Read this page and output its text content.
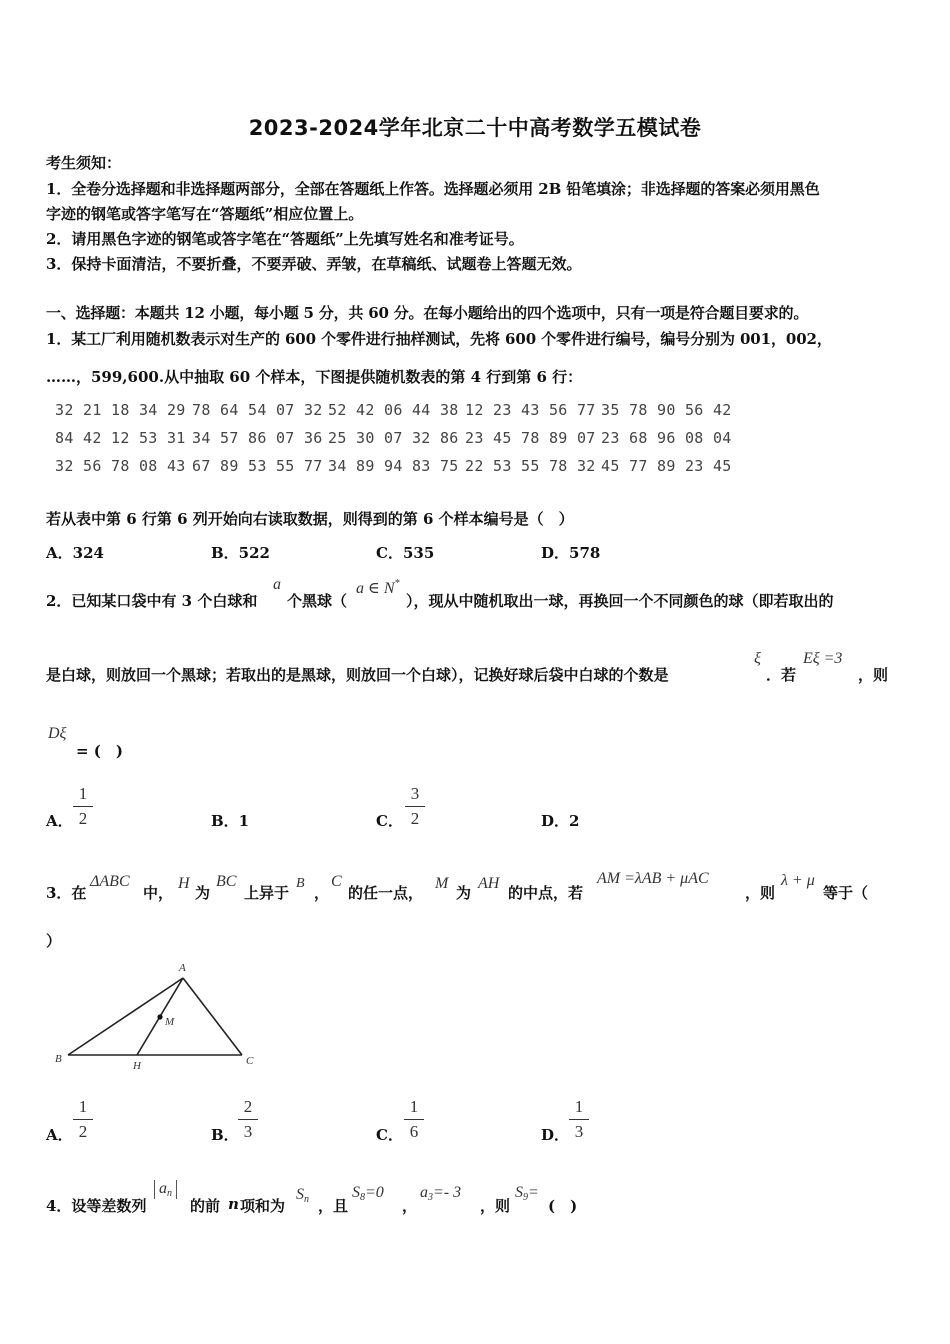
2023-2024学年北京二十中高考数学五模试卷
考生须知：
1．全卷分选择题和非选择题两部分，全部在答题纸上作答。选择题必须用 2B 铅笔填涂；非选择题的答案必须用黑色
字迹的钢笔或答字笔写在“答题纸”相应位置上。
2．请用黑色字迹的钢笔或答字笔在“答题纸”上先填写姓名和准考证号。
3．保持卡面清洁，不要折叠，不要弄破、弄皱，在草稿纸、试题卷上答题无效。
一、选择题：本题共 12 小题，每小题 5 分，共 60 分。在每小题给出的四个选项中，只有一项是符合题目要求的。
1．某工厂利用随机数表示对生产的 600 个零件进行抽样测试，先将 600 个零件进行编号，编号分别为 001，002，
……，599,600.从中抽取 60 个样本，下图提供随机数表的第 4 行到第 6 行：
32 21 18 34 29 78 64 54 07 32 52 42 06 44 38 12 23 43 56 77 35 78 90 56 42
84 42 12 53 31 34 57 86 07 36 25 30 07 32 86 23 45 78 89 07 23 68 96 08 04
32 56 78 08 43 67 89 53 55 77 34 89 94 83 75 22 53 55 78 32 45 77 89 23 45
若从表中第 6 行第 6 列开始向右读取数据，则得到的第 6 个样本编号是（　）
A．324	B．522	C．535	D．578
2．已知某口袋中有 3 个白球和
a
个黑球（
a ∈ N*
），现从中随机取出一球，再换回一个不同颜色的球（即若取出的
是白球，则放回一个黑球；若取出的是黑球，则放回一个白球），记换好球后袋中白球的个数是
ξ
．若
Eξ =3
，则
Dξ
= (　)
A．
1
2	B．1	C．
3
2	D．2
3．在
ΔABC
中，
H
为
BC
上异于
B
，
C
的任一点，
M
为
AH
的中点，若
AM =λAB + μAC
，则
λ + μ
等于（
）
A
B	C
H
M
A．
1
2	B．
2
3	C．
1
6	D．
1
3
4．设等差数列
$a_n$
的前 n 项和为
$S_n$ ，且
$S_8=0$
，
$a_3=-$ 3
，则
$S_9=$
(　)
